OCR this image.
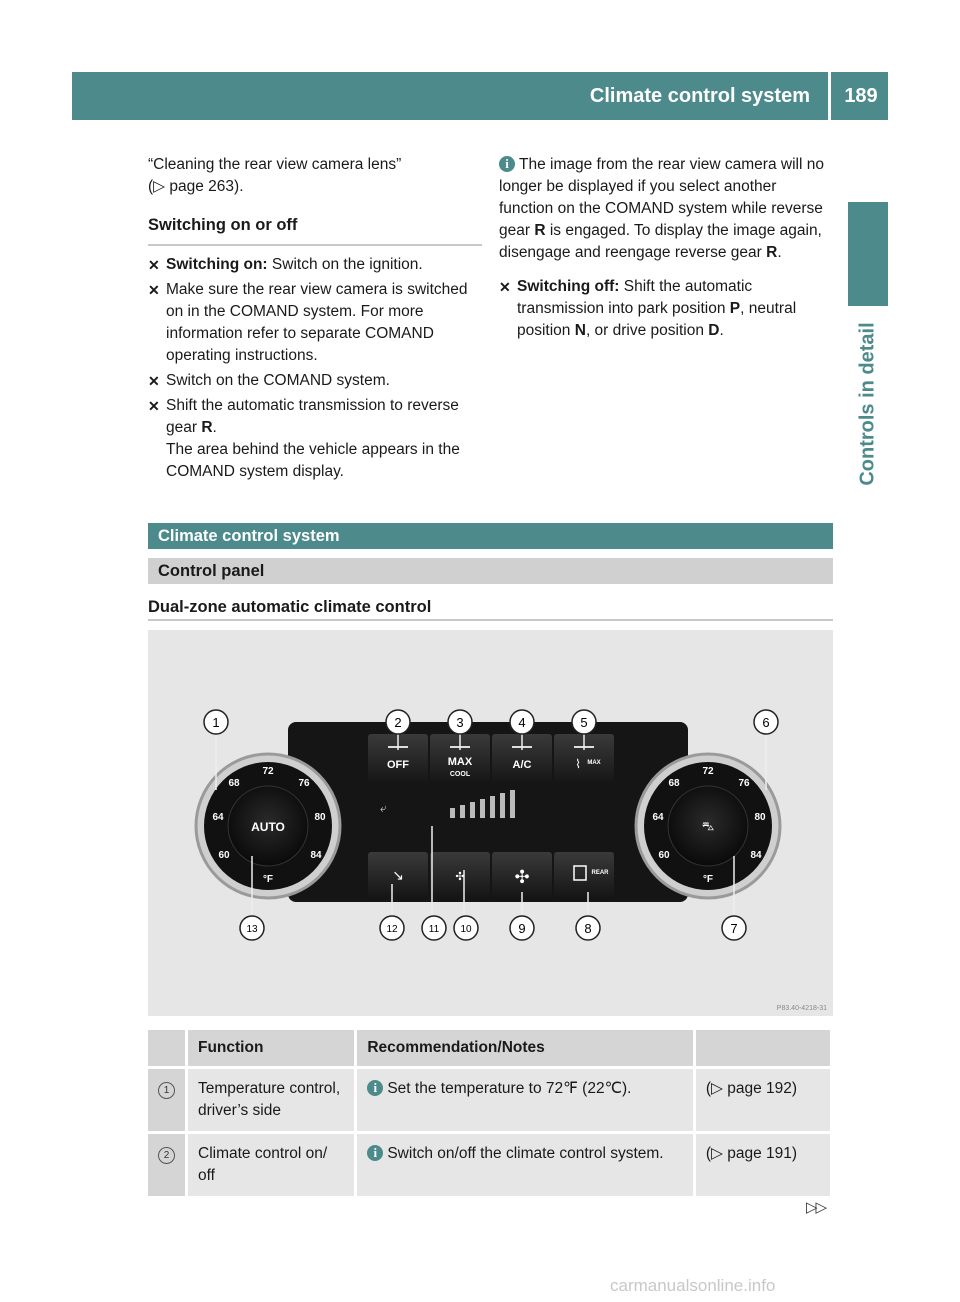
Climate control system	189
Controls in detail

“Cleaning the rear view camera lens”

(▷ page 263).

Switching on or off

✕ Switching on: Switch on the ignition.

✕ Make sure the rear view camera is switched on in the COMAND system. For more information refer to separate COMAND operating instructions.

✕ Switch on the COMAND system.

✕ Shift the automatic transmission to reverse gear R.
The area behind the vehicle appears in the COMAND system display.

i The image from the rear view camera will no longer be displayed if you select another function on the COMAND system while reverse gear R is engaged. To display the image again, disengage and reengage reverse gear R.

✕ Switching off: Shift the automatic transmission into park position P, neutral position N, or drive position D.

Climate control system
Control panel

Dual-zone automatic climate control

OFF	MAX
COOL
A/C	⌇ MAX
⤶
↘	✣	✣	REAR
AUTO
60
64
68
72
76
80
84
°F
⛍
60
64
68
72
76
80
84
°F
1	2	3	4	5	6
7
8
9
10
11
12
13
P83.40-4218-31
	Function	Recommendation/Notes	
1	Temperature control, driver’s side	i Set the temperature to 72‎℉ (22℃).	(▷ page 192)
2	Climate control on/ off	i Switch on/off the climate control system.	(▷ page 191)
▷▷
carmanualsonline.info
